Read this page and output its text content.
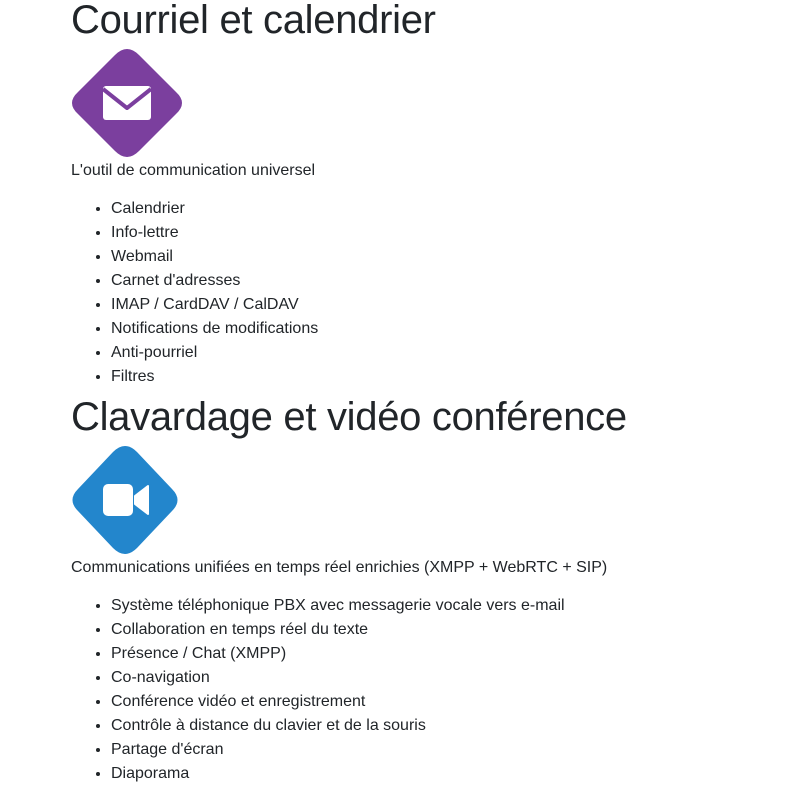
Courriel et calendrier

L'outil de communication universel

• Calendrier
• Info-lettre
• Webmail
• Carnet d'adresses
• IMAP / CardDAV / CalDAV
• Notifications de modifications
• Anti-pourriel
• Filtres
Clavardage et vidéo conférence

Communications unifiées en temps réel enrichies (XMPP + WebRTC + SIP)

• Système téléphonique PBX avec messagerie vocale vers e-mail
• Collaboration en temps réel du texte
• Présence / Chat (XMPP)
• Co-navigation
• Conférence vidéo et enregistrement
• Contrôle à distance du clavier et de la souris
• Partage d'écran
• Diaporama
